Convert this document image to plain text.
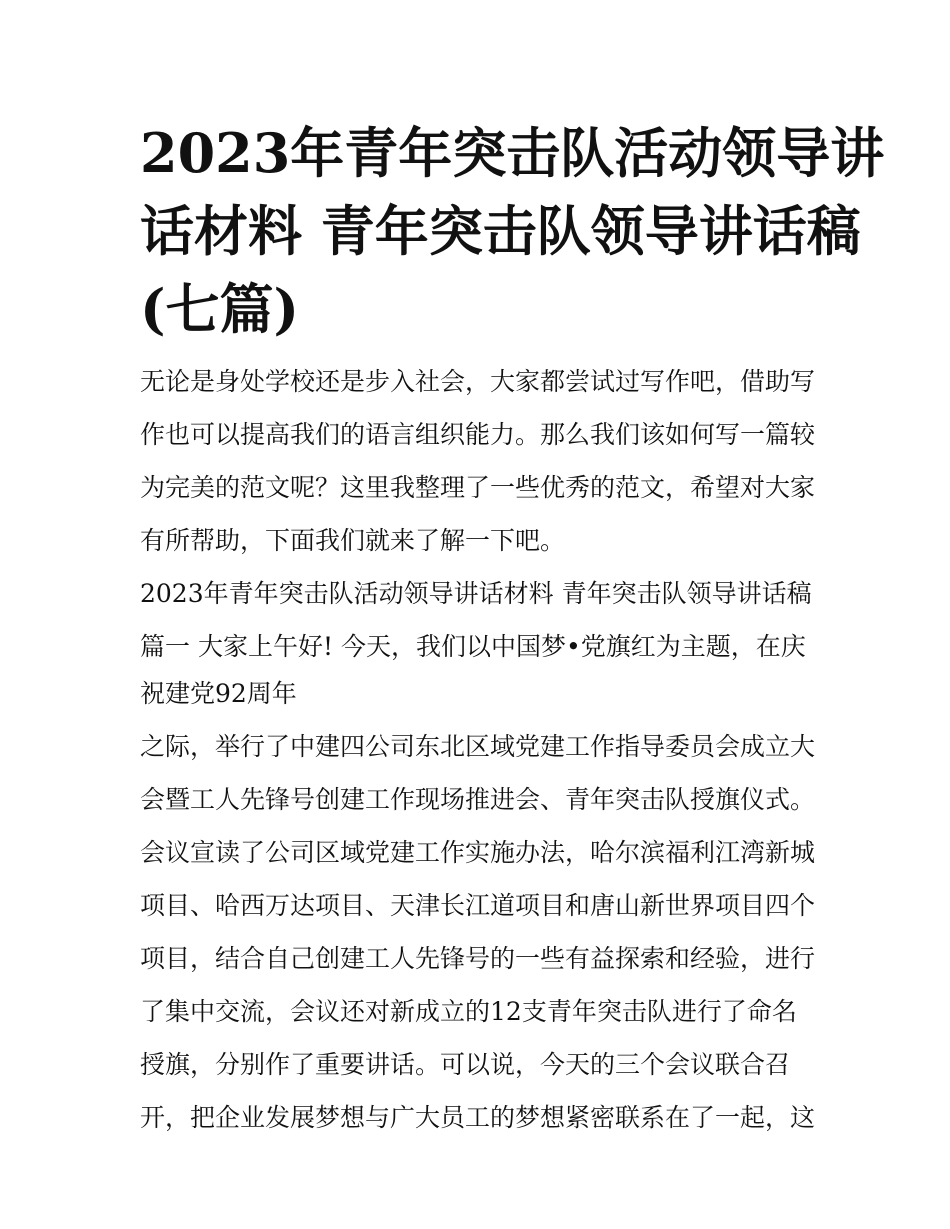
2023年青年突击队活动领导讲
话材料 青年突击队领导讲话稿
(七篇)
无论是身处学校还是步入社会，大家都尝试过写作吧，借助写
作也可以提高我们的语言组织能力。那么我们该如何写一篇较
为完美的范文呢？这里我整理了一些优秀的范文，希望对大家
有所帮助，下面我们就来了解一下吧。
2023年青年突击队活动领导讲话材料 青年突击队领导讲话稿
篇一 大家上午好! 今天，我们以中国梦•党旗红为主题，在庆
祝建党92周年
之际，举行了中建四公司东北区域党建工作指导委员会成立大
会暨工人先锋号创建工作现场推进会、青年突击队授旗仪式。
会议宣读了公司区域党建工作实施办法，哈尔滨福利江湾新城
项目、哈西万达项目、天津长江道项目和唐山新世界项目四个
项目，结合自己创建工人先锋号的一些有益探索和经验，进行
了集中交流，会议还对新成立的12支青年突击队进行了命名
授旗，分别作了重要讲话。可以说，今天的三个会议联合召
开，把企业发展梦想与广大员工的梦想紧密联系在了一起，这
